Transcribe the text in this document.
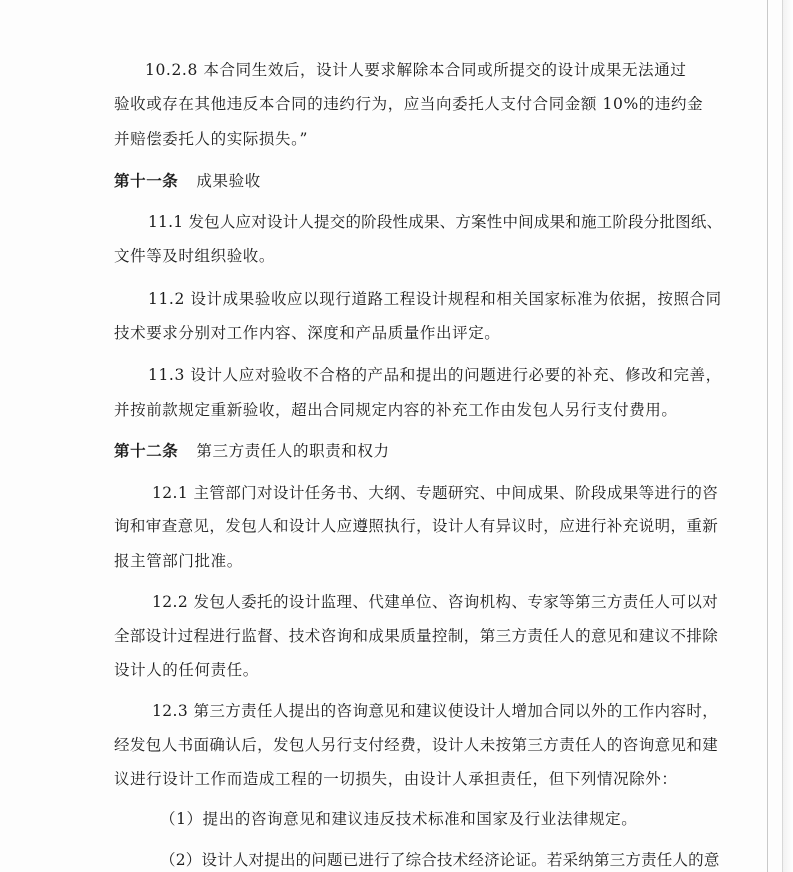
10.2.8 本合同生效后，设计人要求解除本合同或所提交的设计成果无法通过
验收或存在其他违反本合同的违约行为，应当向委托人支付合同金额 10%的违约金
并赔偿委托人的实际损失。”
第十一条 成果验收
11.1 发包人应对设计人提交的阶段性成果、方案性中间成果和施工阶段分批图纸、
文件等及时组织验收。
11.2 设计成果验收应以现行道路工程设计规程和相关国家标准为依据，按照合同
技术要求分别对工作内容、深度和产品质量作出评定。
11.3 设计人应对验收不合格的产品和提出的问题进行必要的补充、修改和完善，
并按前款规定重新验收，超出合同规定内容的补充工作由发包人另行支付费用。
第十二条 第三方责任人的职责和权力
12.1 主管部门对设计任务书、大纲、专题研究、中间成果、阶段成果等进行的咨
询和审查意见，发包人和设计人应遵照执行，设计人有异议时，应进行补充说明，重新
报主管部门批准。
12.2 发包人委托的设计监理、代建单位、咨询机构、专家等第三方责任人可以对
全部设计过程进行监督、技术咨询和成果质量控制，第三方责任人的意见和建议不排除
设计人的任何责任。
12.3 第三方责任人提出的咨询意见和建议使设计人增加合同以外的工作内容时，
经发包人书面确认后，发包人另行支付经费，设计人未按第三方责任人的咨询意见和建
议进行设计工作而造成工程的一切损失，由设计人承担责任，但下列情况除外：
（1）提出的咨询意见和建议违反技术标准和国家及行业法律规定。
（2）设计人对提出的问题已进行了综合技术经济论证。若采纳第三方责任人的意
